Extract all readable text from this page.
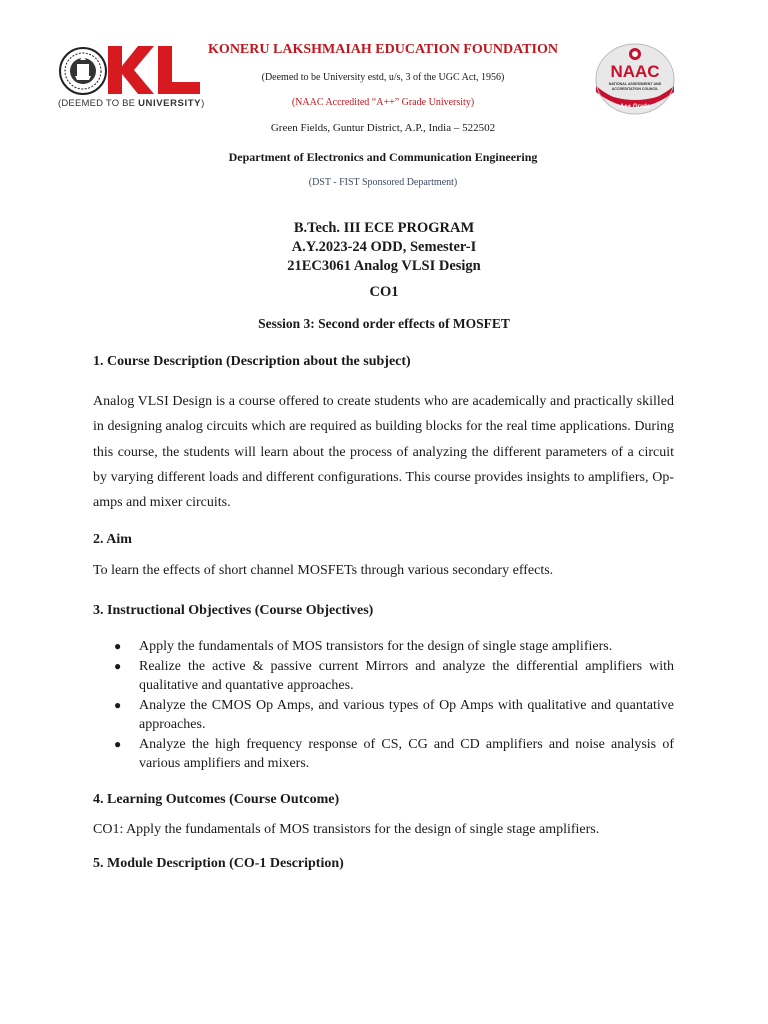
(DEEMED TO BE UNIVERSITY)	A++ Grade
NAAC
NATIONAL ASSESSMENT AND
ACCREDITATION COUNCIL
KONERU LAKSHMAIAH EDUCATION FOUNDATION
(Deemed to be University estd, u/s, 3 of the UGC Act, 1956)
(NAAC Accredited “A++” Grade University)
Green Fields, Guntur District, A.P., India – 522502
Department of Electronics and Communication Engineering
(DST - FIST Sponsored Department)
B.Tech. III ECE PROGRAM
A.Y.2023-24 ODD, Semester-I
21EC3061 Analog VLSI Design
CO1
Session 3: Second order effects of MOSFET
1. Course Description (Description about the subject)
Analog VLSI Design is a course offered to create students who are academically and practically skilled in designing analog circuits which are required as building blocks for the real time applications. During this course, the students will learn about the process of analyzing the different parameters of a circuit by varying different loads and different configurations. This course provides insights to amplifiers, Op-amps and mixer circuits.
2. Aim
To learn the effects of short channel MOSFETs through various secondary effects.
3. Instructional Objectives (Course Objectives)
● Apply the fundamentals of MOS transistors for the design of single stage amplifiers.
● Realize the active & passive current Mirrors and analyze the differential amplifiers with qualitative and quantative approaches.
● Analyze the CMOS Op Amps, and various types of Op Amps with qualitative and quantative approaches.
● Analyze the high frequency response of CS, CG and CD amplifiers and noise analysis of various amplifiers and mixers.
4. Learning Outcomes (Course Outcome)
CO1: Apply the fundamentals of MOS transistors for the design of single stage amplifiers.
5. Module Description (CO-1 Description)
